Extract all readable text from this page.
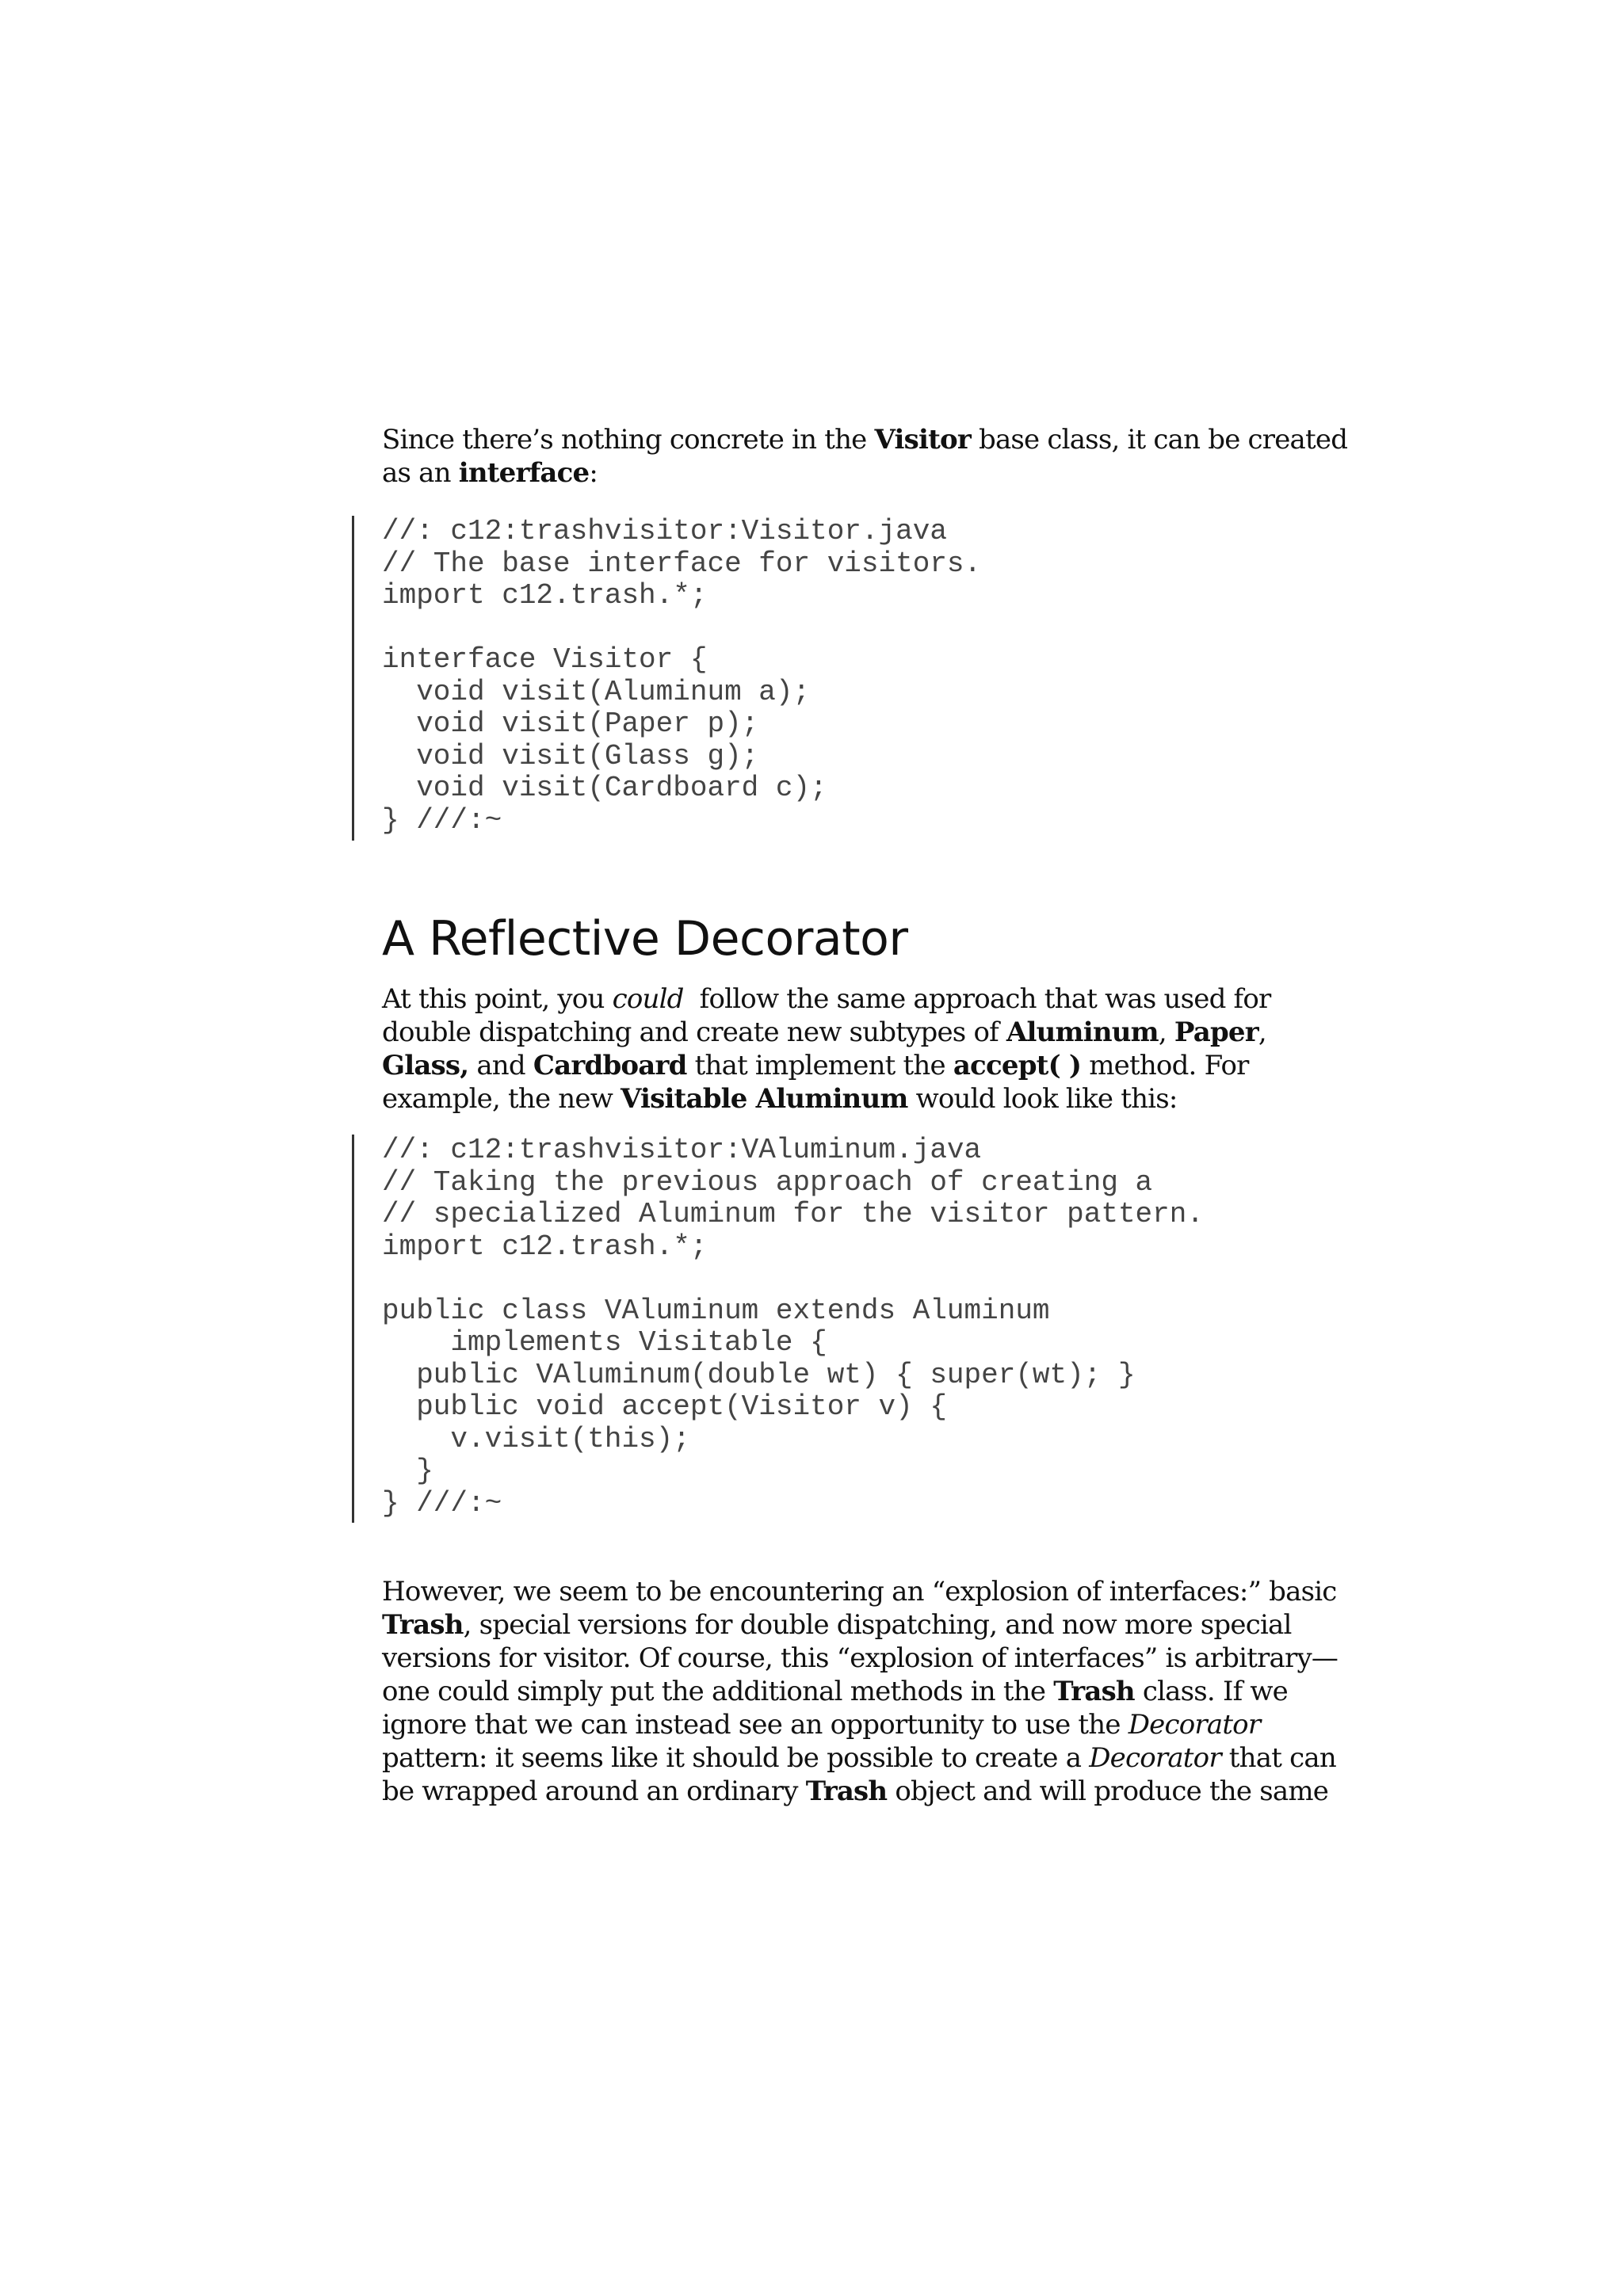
Since there’s nothing concrete in the Visitor base class, it can be created
as an interface:

//: c12:trashvisitor:Visitor.java
// The base interface for visitors.
import c12.trash.*;

interface Visitor {
void visit(Aluminum a);
void visit(Paper p);
void visit(Glass g);
void visit(Cardboard c);
} ///:~
A Reflective Decorator

At this point, you could  follow the same approach that was used for
double dispatching and create new subtypes of Aluminum, Paper,
Glass, and Cardboard that implement the accept( ) method. For
example, the new Visitable Aluminum would look like this:

//: c12:trashvisitor:VAluminum.java
// Taking the previous approach of creating a
// specialized Aluminum for the visitor pattern.
import c12.trash.*;

public class VAluminum extends Aluminum
implements Visitable {
public VAluminum(double wt) { super(wt); }
public void accept(Visitor v) {
v.visit(this);
}
} ///:~

However, we seem to be encountering an “explosion of interfaces:” basic
Trash, special versions for double dispatching, and now more special
versions for visitor. Of course, this “explosion of interfaces” is arbitrary—
one could simply put the additional methods in the Trash class. If we
ignore that we can instead see an opportunity to use the Decorator
pattern: it seems like it should be possible to create a Decorator that can
be wrapped around an ordinary Trash object and will produce the same
